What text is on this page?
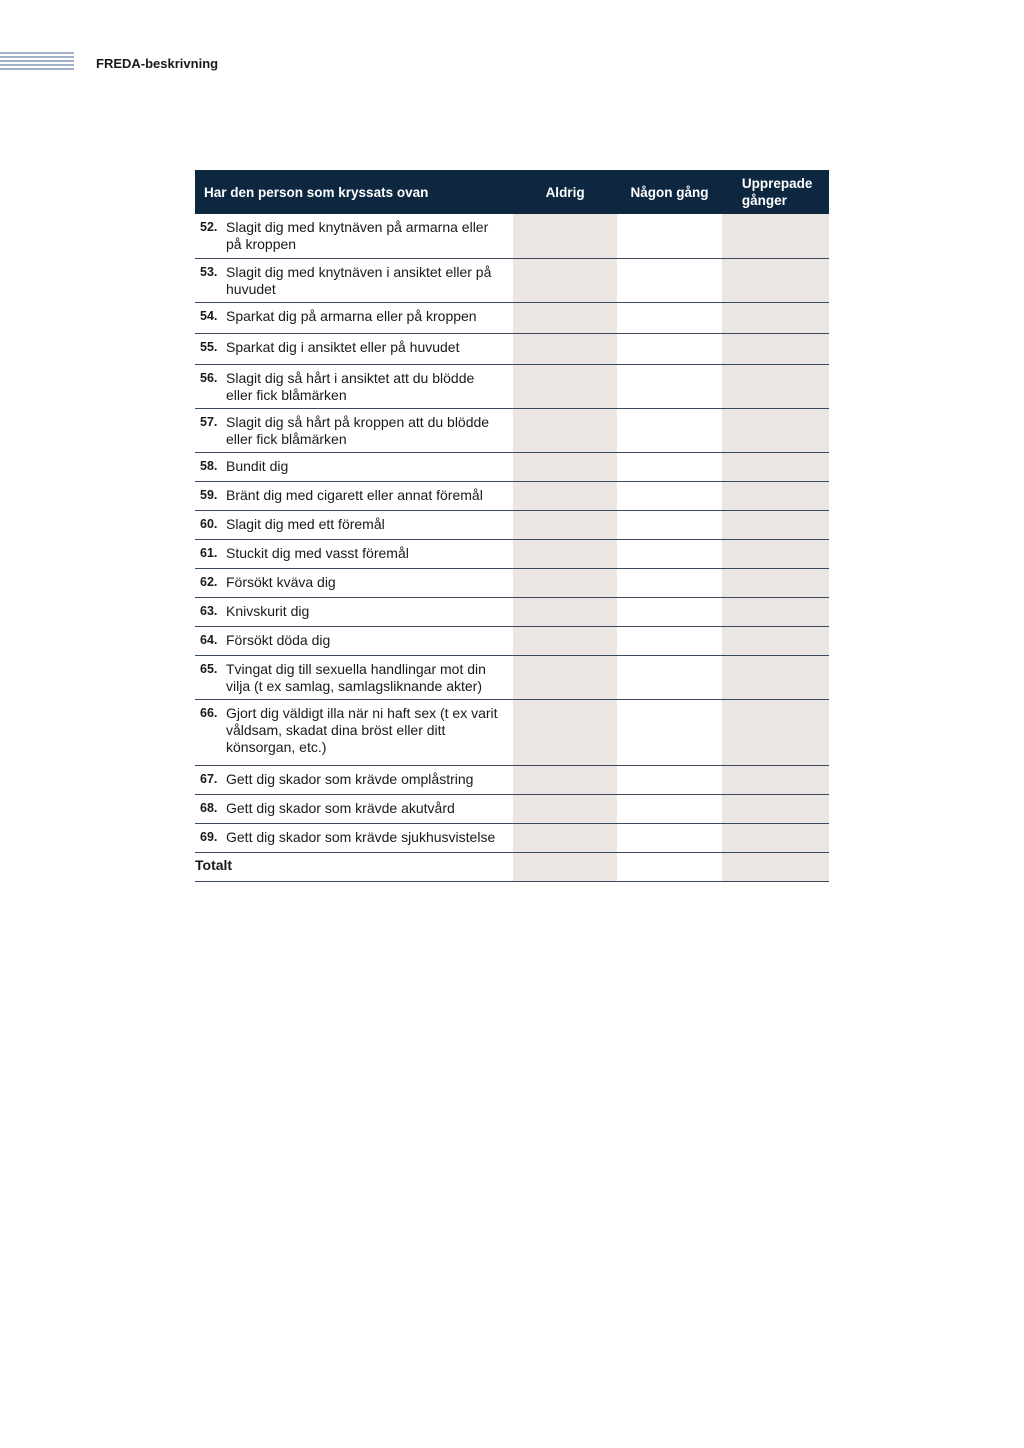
FREDA-beskrivning
Har den person som kryssats ovan	Aldrig	Någon gång	Upprepade gånger

52. Slagit dig med knytnäven på armarna eller på kroppen			

53. Slagit dig med knytnäven i ansiktet eller på huvudet			

54. Sparkat dig på armarna eller på kroppen			

55. Sparkat dig i ansiktet eller på huvudet			

56. Slagit dig så hårt i ansiktet att du blödde eller fick blåmärken			

57. Slagit dig så hårt på kroppen att du blödde eller fick blåmärken			

58. Bundit dig			

59. Bränt dig med cigarett eller annat föremål			

60. Slagit dig med ett föremål			

61. Stuckit dig med vasst föremål			

62. Försökt kväva dig			

63. Knivskurit dig			

64. Försökt döda dig			

65. Tvingat dig till sexuella handlingar mot din vilja (t ex samlag, samlagsliknande akter)			

66. Gjort dig väldigt illa när ni haft sex (t ex varit våldsam, skadat dina bröst eller ditt könsorgan, etc.)			

67. Gett dig skador som krävde omplåstring			

68. Gett dig skador som krävde akutvård			

69. Gett dig skador som krävde sjukhusvistelse			

Totalt			
